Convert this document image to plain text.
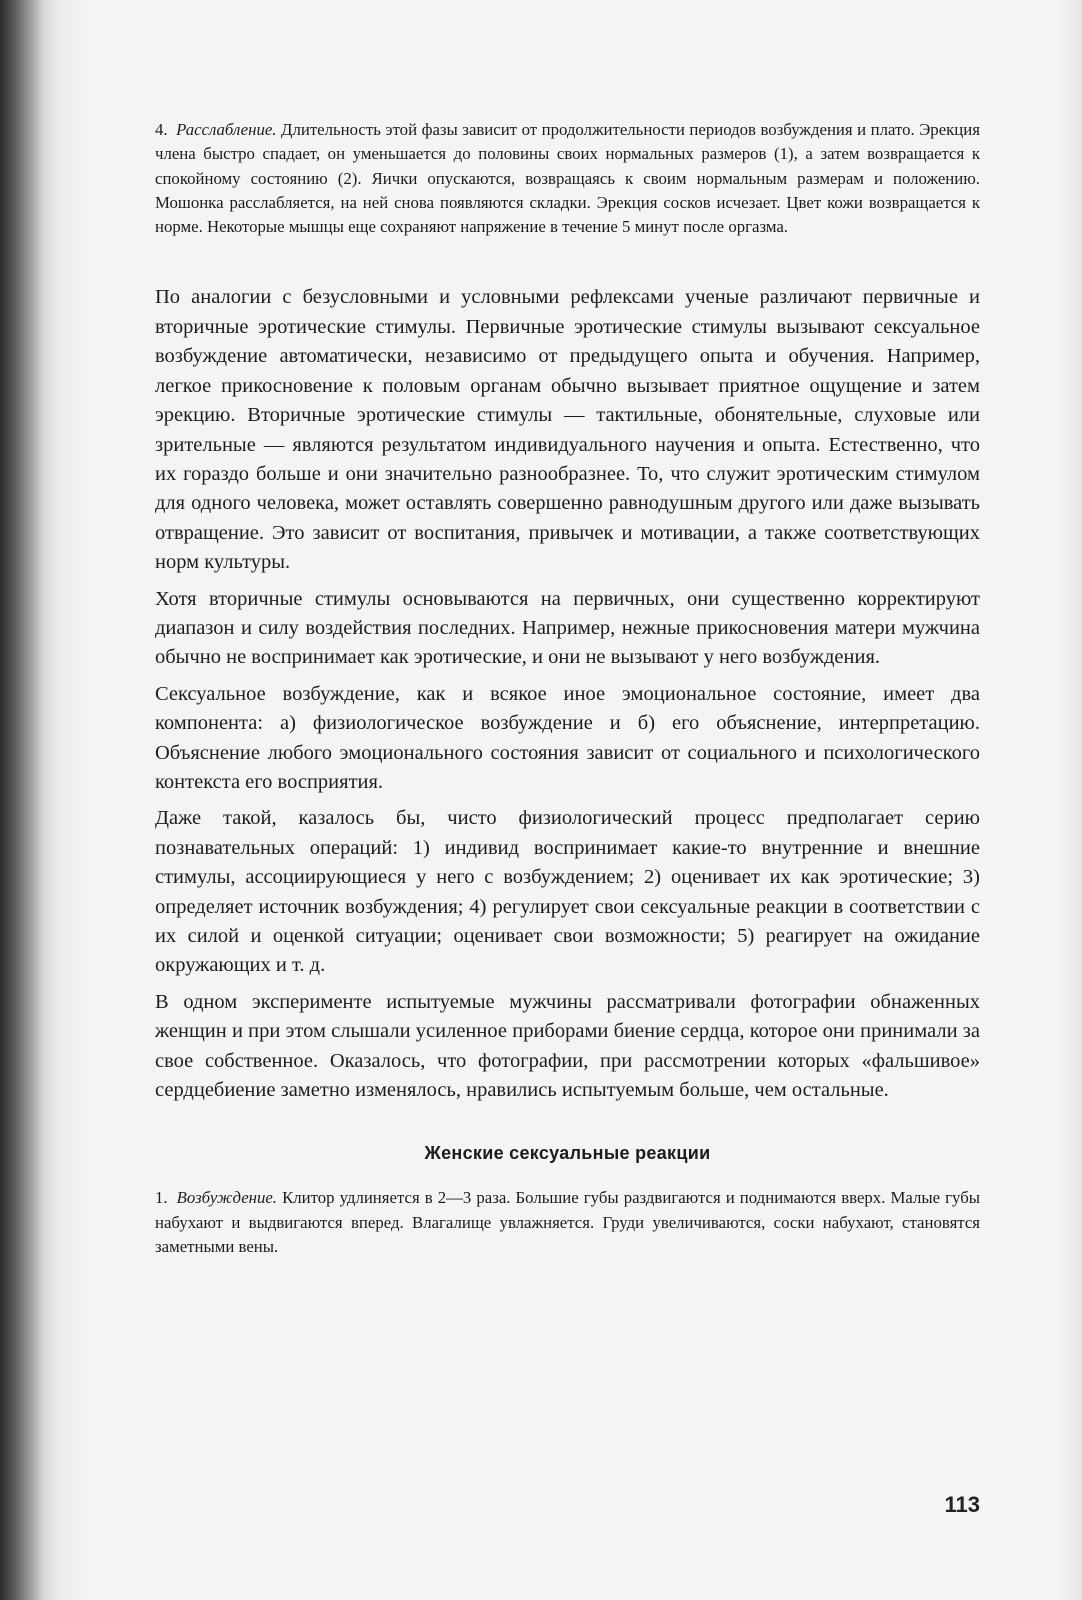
4. Расслабление. Длительность этой фазы зависит от продолжительности периодов возбуждения и плато. Эрекция члена быстро спадает, он уменьшается до половины своих нормальных размеров (1), а затем возвращается к спокойному состоянию (2). Яички опускаются, возвращаясь к своим нормальным размерам и положению. Мошонка расслабляется, на ней снова появляются складки. Эрекция сосков исчезает. Цвет кожи возвращается к норме. Некоторые мышцы еще сохраняют напряжение в течение 5 минут после оргазма.

По аналогии с безусловными и условными рефлексами ученые различают первичные и вторичные эротические стимулы. Первичные эротические стимулы вызывают сексуальное возбуждение автоматически, независимо от предыдущего опыта и обучения. Например, легкое прикосновение к половым органам обычно вызывает приятное ощущение и затем эрекцию. Вторичные эротические стимулы — тактильные, обонятельные, слуховые или зрительные — являются результатом индивидуального научения и опыта. Естественно, что их гораздо больше и они значительно разнообразнее. То, что служит эротическим стимулом для одного человека, может оставлять совершенно равнодушным другого или даже вызывать отвращение. Это зависит от воспитания, привычек и мотивации, а также соответствующих норм культуры.

Хотя вторичные стимулы основываются на первичных, они существенно корректируют диапазон и силу воздействия последних. Например, нежные прикосновения матери мужчина обычно не воспринимает как эротические, и они не вызывают у него возбуждения.

Сексуальное возбуждение, как и всякое иное эмоциональное состояние, имеет два компонента: а) физиологическое возбуждение и б) его объяснение, интерпретацию. Объяснение любого эмоционального состояния зависит от социального и психологического контекста его восприятия.

Даже такой, казалось бы, чисто физиологический процесс предполагает серию познавательных операций: 1) индивид воспринимает какие-то внутренние и внешние стимулы, ассоциирующиеся у него с возбуждением; 2) оценивает их как эротические; 3) определяет источник возбуждения; 4) регулирует свои сексуальные реакции в соответствии с их силой и оценкой ситуации; оценивает свои возможности; 5) реагирует на ожидание окружающих и т. д.

В одном эксперименте испытуемые мужчины рассматривали фотографии обнаженных женщин и при этом слышали усиленное приборами биение сердца, которое они принимали за свое собственное. Оказалось, что фотографии, при рассмотрении которых «фальшивое» сердцебиение заметно изменялось, нравились испытуемым больше, чем остальные.

Женские сексуальные реакции

1. Возбуждение. Клитор удлиняется в 2—3 раза. Большие губы раздвигаются и поднимаются вверх. Малые губы набухают и выдвигаются вперед. Влагалище увлажняется. Груди увеличиваются, соски набухают, становятся заметными вены.

113
